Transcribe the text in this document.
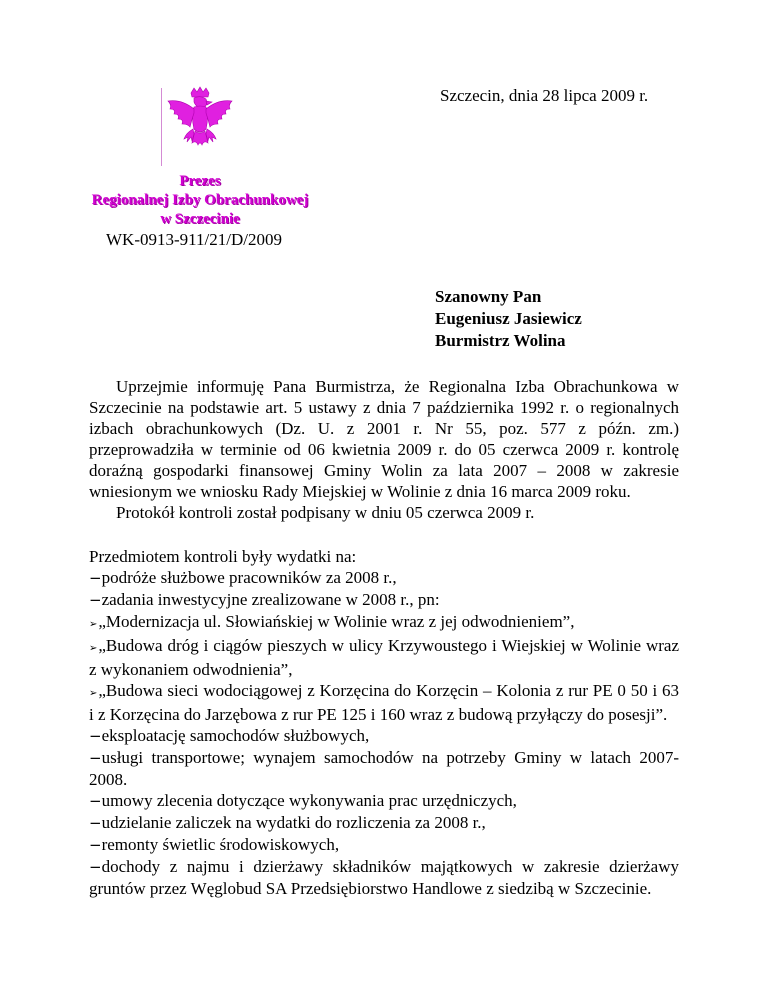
Szczecin, dnia 28 lipca 2009 r.
Prezes
Regionalnej Izby Obrachunkowej
w Szczecinie
WK-0913-911/21/D/2009
Szanowny Pan
Eugeniusz Jasiewicz
Burmistrz Wolina

Uprzejmie informuję Pana Burmistrza, że Regionalna Izba Obrachunkowa w Szczecinie na podstawie art. 5 ustawy z dnia 7 października 1992 r. o regionalnych izbach obrachunkowych (Dz. U. z 2001 r. Nr 55, poz. 577 z późn. zm.) przeprowadziła w terminie od 06 kwietnia 2009 r. do 05 czerwca 2009 r. kontrolę doraźną gospodarki finansowej Gminy Wolin za lata 2007 – 2008 w zakresie wniesionym we wniosku Rady Miejskiej w Wolinie z dnia 16 marca 2009 roku.

Protokół kontroli został podpisany w dniu 05 czerwca 2009 r.

Przedmiotem kontroli były wydatki na:
−podróże służbowe pracowników za 2008 r.,
−zadania inwestycyjne zrealizowane w 2008 r., pn:
➢„Modernizacja ul. Słowiańskiej w Wolinie wraz z jej odwodnieniem”,
➢„Budowa dróg i ciągów pieszych w ulicy Krzywoustego i Wiejskiej w Wolinie wraz z wykonaniem odwodnienia”,
➢„Budowa sieci wodociągowej z Korzęcina do Korzęcin – Kolonia z rur PE 0 50 i 63 i z Korzęcina do Jarzębowa z rur PE 125 i 160 wraz z budową przyłączy do posesji”.
−eksploatację samochodów służbowych,
−usługi transportowe; wynajem samochodów na potrzeby Gminy w latach 2007-2008.
−umowy zlecenia dotyczące wykonywania prac urzędniczych,
−udzielanie zaliczek na wydatki do rozliczenia za 2008 r.,
−remonty świetlic środowiskowych,
−dochody z najmu i dzierżawy składników majątkowych w zakresie dzierżawy gruntów przez Węglobud SA Przedsiębiorstwo Handlowe z siedzibą w Szczecinie.
